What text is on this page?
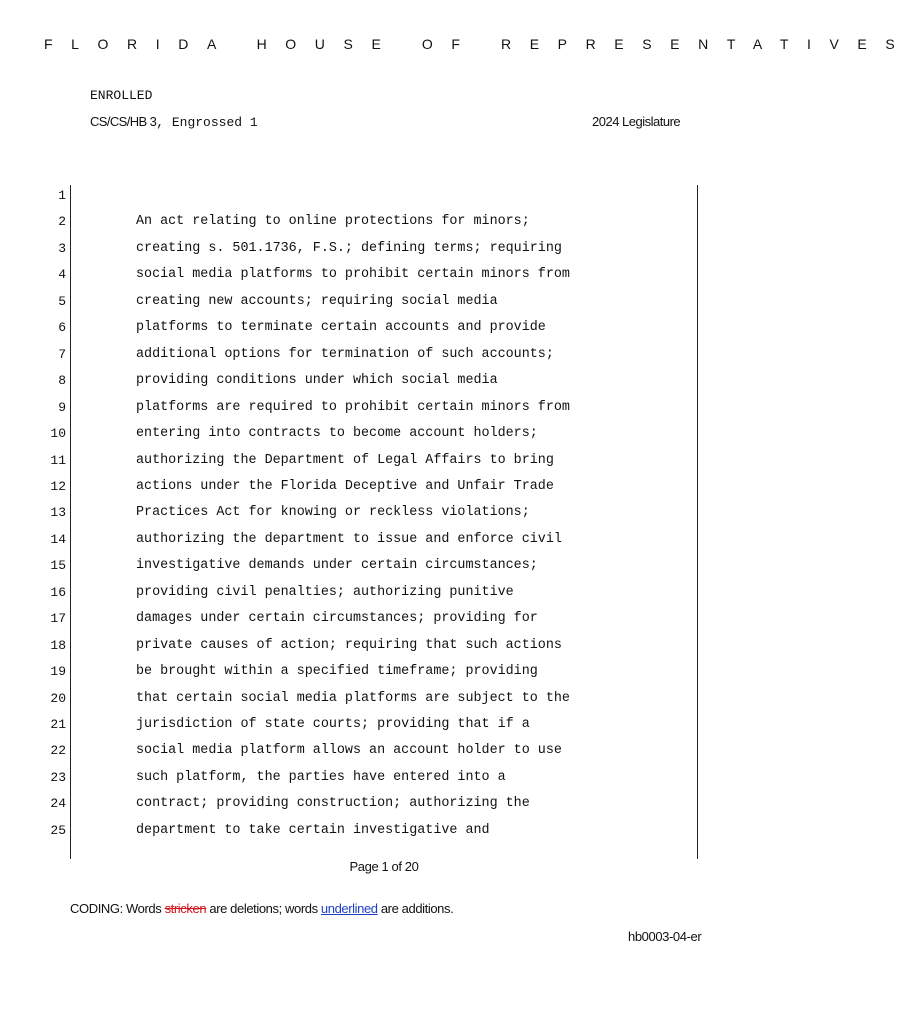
FLORIDA HOUSE OF REPRESENTATIVES
ENROLLED
CS/CS/HB 3, Engrossed 1	2024 Legislature
1
2	An act relating to online protections for minors;
3	creating s. 501.1736, F.S.; defining terms; requiring
4	social media platforms to prohibit certain minors from
5	creating new accounts; requiring social media
6	platforms to terminate certain accounts and provide
7	additional options for termination of such accounts;
8	providing conditions under which social media
9	platforms are required to prohibit certain minors from
10	entering into contracts to become account holders;
11	authorizing the Department of Legal Affairs to bring
12	actions under the Florida Deceptive and Unfair Trade
13	Practices Act for knowing or reckless violations;
14	authorizing the department to issue and enforce civil
15	investigative demands under certain circumstances;
16	providing civil penalties; authorizing punitive
17	damages under certain circumstances; providing for
18	private causes of action; requiring that such actions
19	be brought within a specified timeframe; providing
20	that certain social media platforms are subject to the
21	jurisdiction of state courts; providing that if a
22	social media platform allows an account holder to use
23	such platform, the parties have entered into a
24	contract; providing construction; authorizing the
25	department to take certain investigative and
Page 1 of 20
CODING: Words stricken are deletions; words underlined are additions.
hb0003-04-er
